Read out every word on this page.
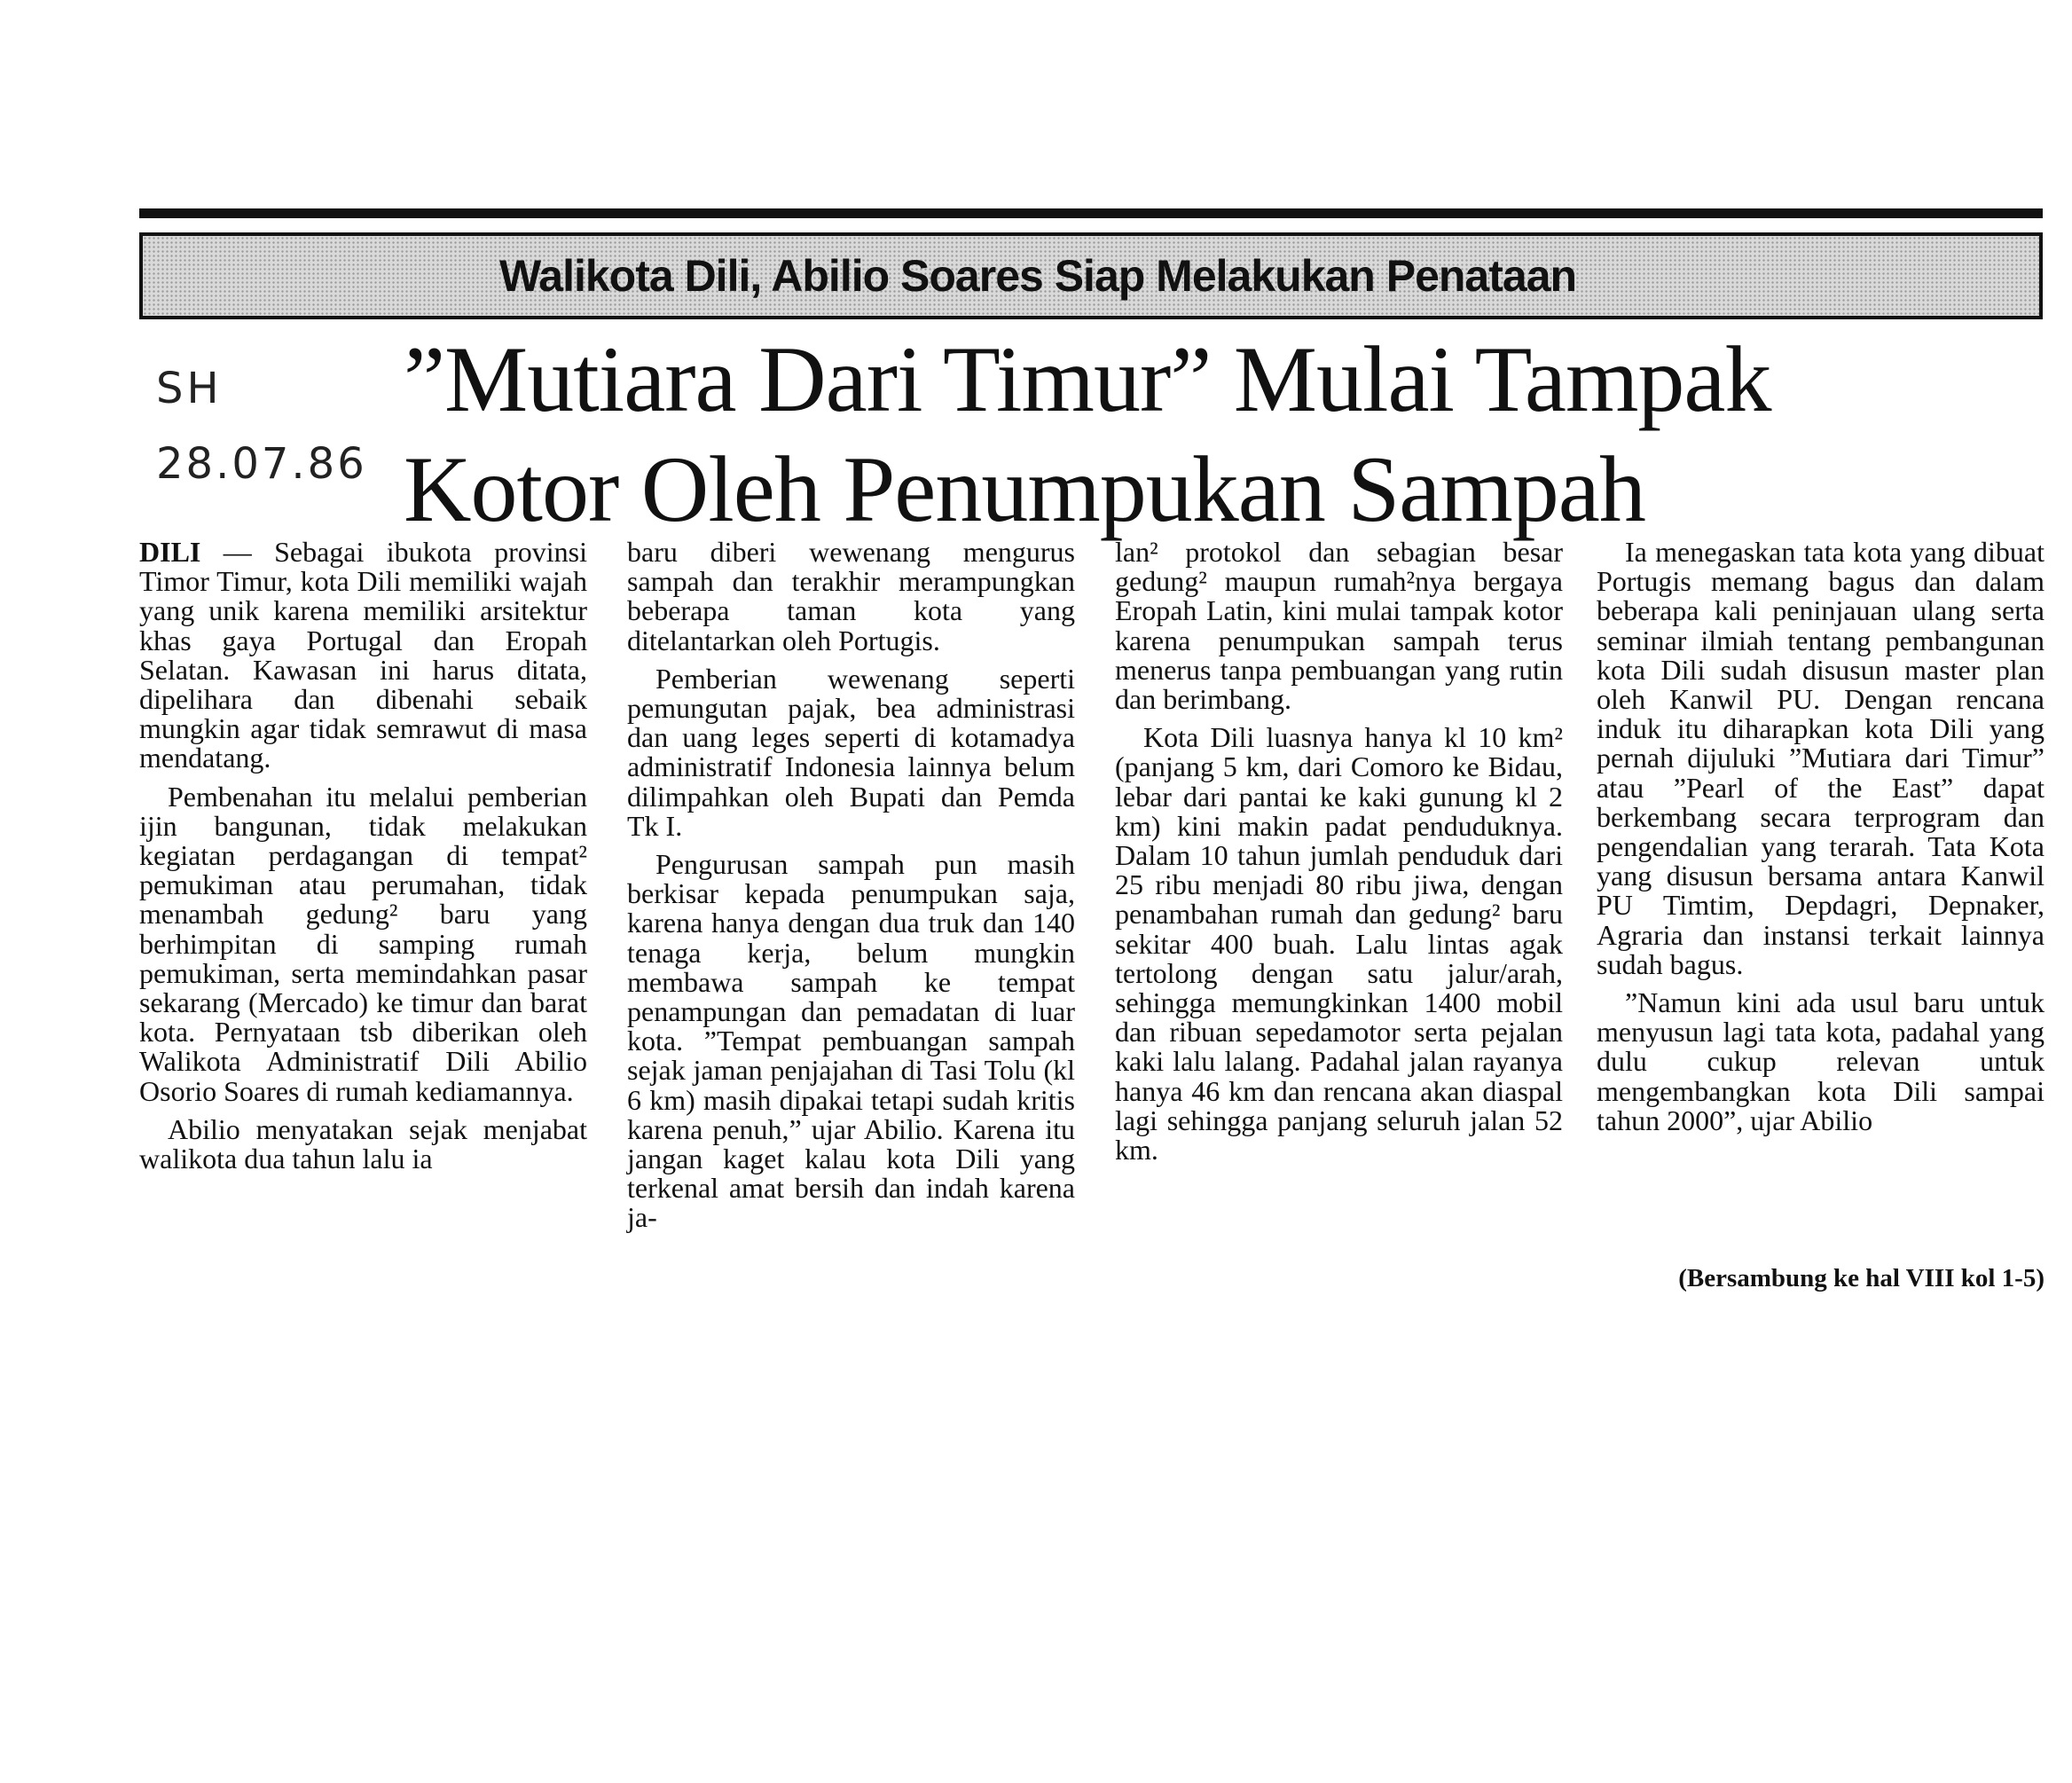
Walikota Dili, Abilio Soares Siap Melakukan Penataan
SH
28.07.86
”Mutiara Dari Timur” Mulai Tampak
Kotor Oleh Penumpukan Sampah

DILI — Sebagai ibukota provinsi Timor Timur, kota Dili memiliki wajah yang unik karena memiliki arsitektur khas gaya Portugal dan Eropah Selatan. Kawasan ini harus ditata, dipelihara dan dibenahi sebaik mungkin agar tidak semrawut di masa mendatang.

Pembenahan itu melalui pemberian ijin bangunan, tidak melakukan kegiatan perdagangan di tempat² pemukiman atau perumahan, tidak menambah gedung² baru yang berhimpitan di samping rumah pemukiman, serta memindahkan pasar sekarang (Mercado) ke timur dan barat kota. Pernyataan tsb diberikan oleh Walikota Administratif Dili Abilio Osorio Soares di rumah kediamannya.

Abilio menyatakan sejak menjabat walikota dua tahun lalu ia

baru diberi wewenang mengurus sampah dan terakhir merampungkan beberapa taman kota yang ditelantarkan oleh Portugis.

Pemberian wewenang seperti pemungutan pajak, bea administrasi dan uang leges seperti di kotamadya administratif Indonesia lainnya belum dilimpahkan oleh Bupati dan Pemda Tk I.

Pengurusan sampah pun masih berkisar kepada penumpukan saja, karena hanya dengan dua truk dan 140 tenaga kerja, belum mungkin membawa sampah ke tempat penampungan dan pemadatan di luar kota. ”Tempat pembuangan sampah sejak jaman penjajahan di Tasi Tolu (kl 6 km) masih dipakai tetapi sudah kritis karena penuh,” ujar Abilio. Karena itu jangan kaget kalau kota Dili yang terkenal amat bersih dan indah karena ja-

lan² protokol dan sebagian besar gedung² maupun rumah²nya bergaya Eropah Latin, kini mulai tampak kotor karena penumpukan sampah terus menerus tanpa pembuangan yang rutin dan berimbang.

Kota Dili luasnya hanya kl 10 km² (panjang 5 km, dari Comoro ke Bidau, lebar dari pantai ke kaki gunung kl 2 km) kini makin padat penduduknya. Dalam 10 tahun jumlah penduduk dari 25 ribu menjadi 80 ribu jiwa, dengan penambahan rumah dan gedung² baru sekitar 400 buah. Lalu lintas agak tertolong dengan satu jalur/arah, sehingga memungkinkan 1400 mobil dan ribuan sepedamotor serta pejalan kaki lalu lalang. Padahal jalan rayanya hanya 46 km dan rencana akan diaspal lagi sehingga panjang seluruh jalan 52 km.

Ia menegaskan tata kota yang dibuat Portugis memang bagus dan dalam beberapa kali peninjauan ulang serta seminar ilmiah tentang pembangunan kota Dili sudah disusun master plan oleh Kanwil PU. Dengan rencana induk itu diharapkan kota Dili yang pernah dijuluki ”Mutiara dari Timur” atau ”Pearl of the East” dapat berkembang secara terprogram dan pengendalian yang terarah. Tata Kota yang disusun bersama antara Kanwil PU Timtim, Depdagri, Depnaker, Agraria dan instansi terkait lainnya sudah bagus.

”Namun kini ada usul baru untuk menyusun lagi tata kota, padahal yang dulu cukup relevan untuk mengembangkan kota Dili sampai tahun 2000”, ujar Abilio

(Bersambung ke hal VIII kol 1-5)
